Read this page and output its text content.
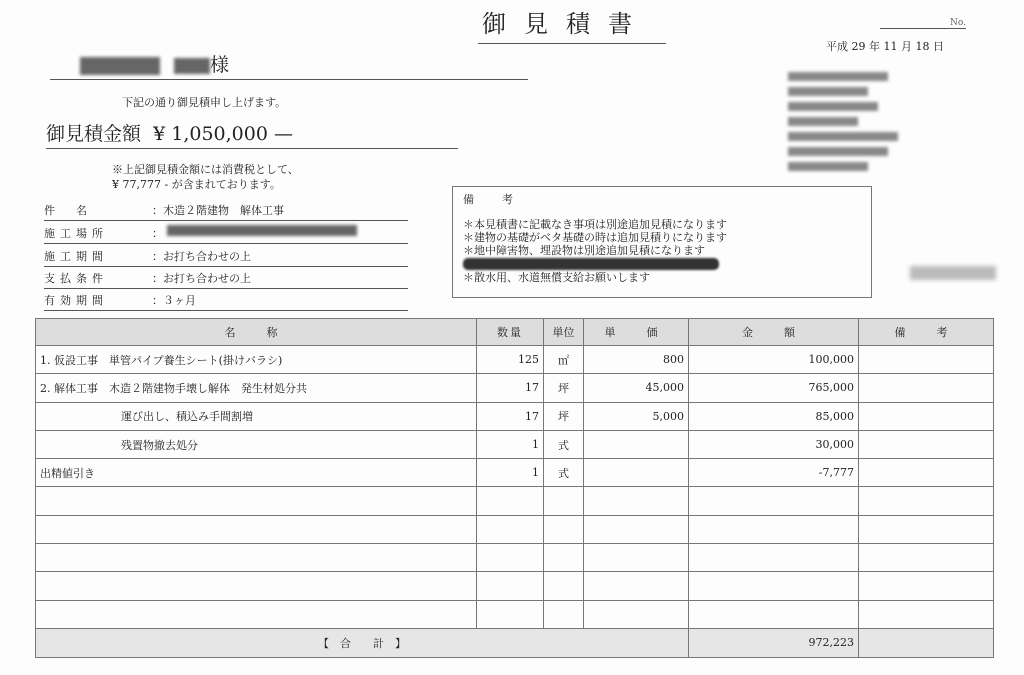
御見積書	No.
平成 29 年 11 月 18 日
様
下記の通り御見積申し上げます。
御見積金額 ¥ 1,050,000 —
※上記御見積金額には消費税として、
¥ 77,777 - が含まれております。
件　名	：木造２階建物　解体工事
施工場所	：
施工期間	：お打ち合わせの上
支払条件	：お打ち合わせの上
有効期間	：３ヶ月
備考
＊本見積書に記載なき事項は別途追加見積になります
＊建物の基礎がベタ基礎の時は追加見積りになります
＊地中障害物、埋設物は別途追加見積になります
＊散水用、水道無償支給お願いします
名　称	数量	単位	単　価	金　額	備　考
1. 仮設工事　単管パイプ養生シート(掛けバラシ)	125	㎡	800	100,000	
2. 解体工事　木造２階建物手壊し解体　発生材処分共	17	坪	45,000	765,000	
運び出し、積込み手間割増	17	坪	5,000	85,000	
残置物撤去処分	1	式		30,000	
出精値引き	1	式		-7,777	

【　合　　計　】				972,223	
